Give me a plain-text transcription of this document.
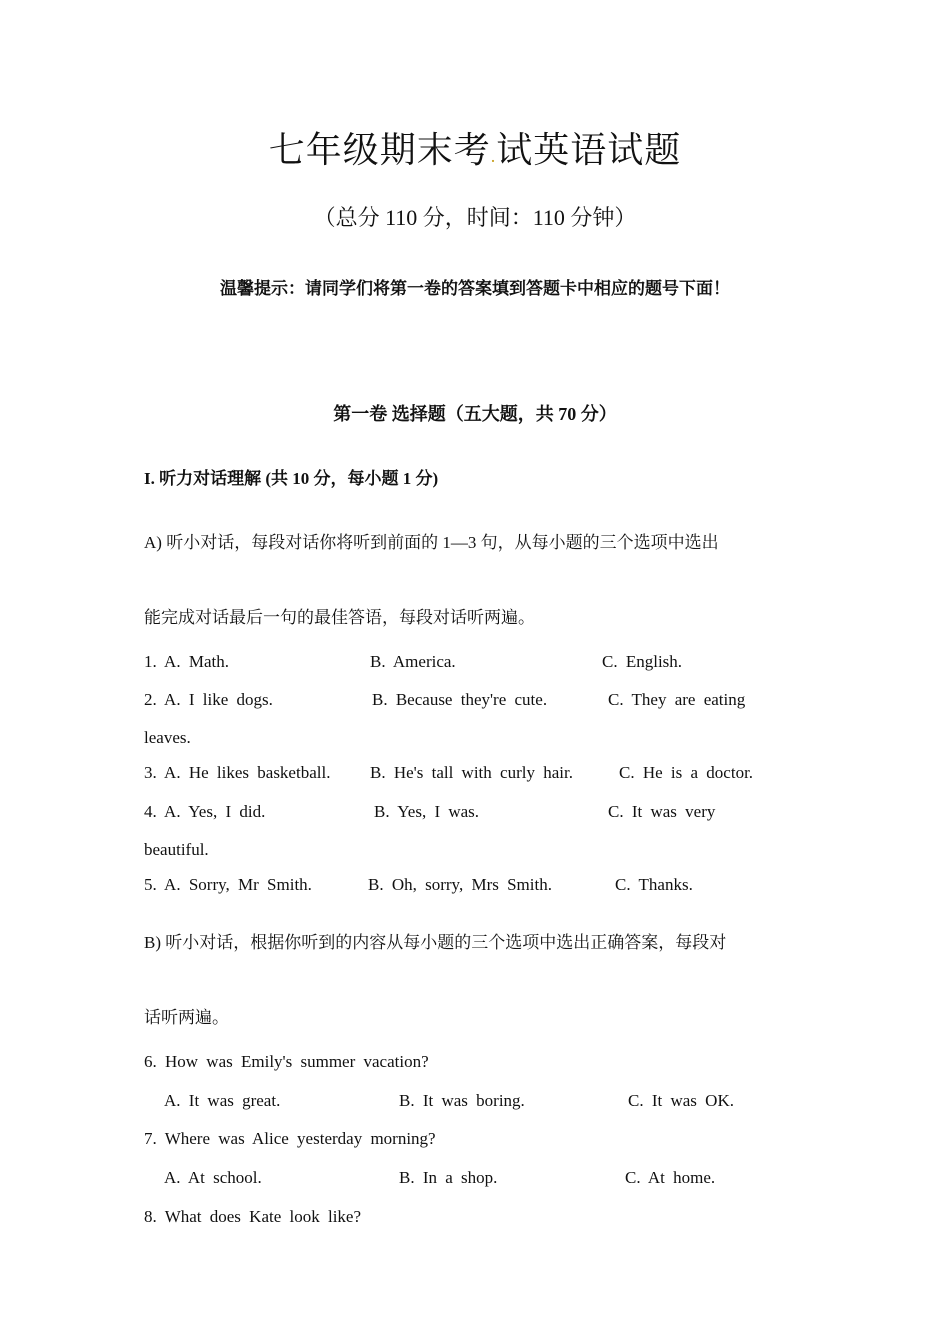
七年级期末考.试英语试题
（总分 110 分，时间：110 分钟）
温馨提示：请同学们将第一卷的答案填到答题卡中相应的题号下面！
第一卷 选择题（五大题，共 70 分）
I. 听力对话理解 (共 10 分，每小题 1 分)
A) 听小对话，每段对话你将听到前面的 1—3 句，从每小题的三个选项中选出
能完成对话最后一句的最佳答语，每段对话听两遍。
1. A. Math.	B. America.	C. English.
2. A. I like dogs.	B. Because they're cute.	C. They are eating
leaves.
3. A. He likes basketball. B. He's tall with curly hair.	C. He is a doctor.
4. A. Yes, I did.	B. Yes, I was.	C. It was very
beautiful.
5. A. Sorry, Mr Smith.	B. Oh, sorry, Mrs Smith.	C. Thanks.
B) 听小对话，根据你听到的内容从每小题的三个选项中选出正确答案，每段对
话听两遍。
6. How was Emily's summer vacation?
A. It was great.	B. It was boring.	C. It was OK.
7. Where was Alice yesterday morning?
A. At school.	B. In a shop.	C. At home.
8. What does Kate look like?
